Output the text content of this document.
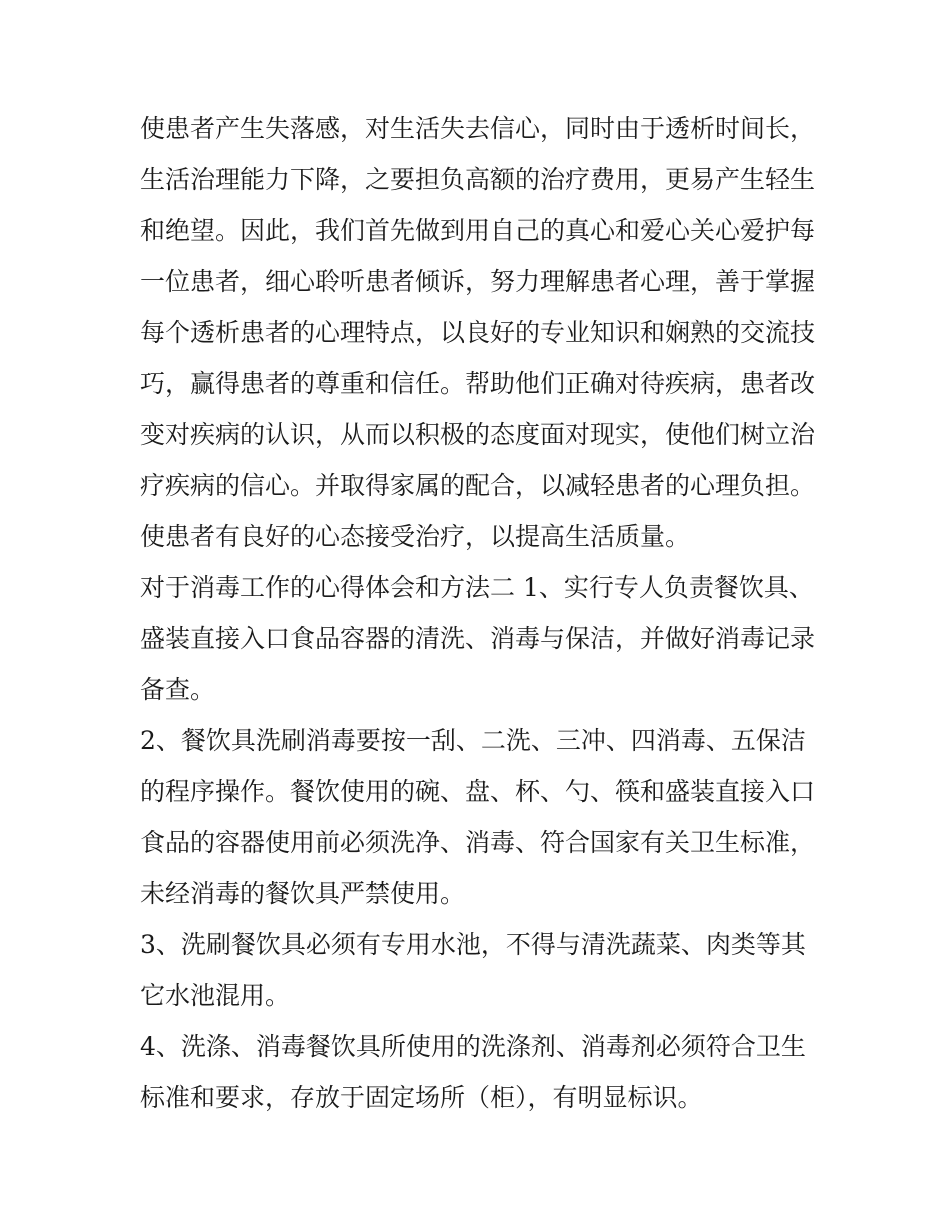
使患者产生失落感，对生活失去信心，同时由于透析时间长，

生活治理能力下降，之要担负高额的治疗费用，更易产生轻生

和绝望。因此，我们首先做到用自己的真心和爱心关心爱护每

一位患者，细心聆听患者倾诉，努力理解患者心理，善于掌握

每个透析患者的心理特点，以良好的专业知识和娴熟的交流技

巧，赢得患者的尊重和信任。帮助他们正确对待疾病，患者改

变对疾病的认识，从而以积极的态度面对现实，使他们树立治

疗疾病的信心。并取得家属的配合，以减轻患者的心理负担。

使患者有良好的心态接受治疗，以提高生活质量。

对于消毒工作的心得体会和方法二 1、实行专人负责餐饮具、

盛装直接入口食品容器的清洗、消毒与保洁，并做好消毒记录

备查。

2、餐饮具洗刷消毒要按一刮、二洗、三冲、四消毒、五保洁

的程序操作。餐饮使用的碗、盘、杯、勺、筷和盛装直接入口

食品的容器使用前必须洗净、消毒、符合国家有关卫生标准，

未经消毒的餐饮具严禁使用。

3、洗刷餐饮具必须有专用水池，不得与清洗蔬菜、肉类等其

它水池混用。

4、洗涤、消毒餐饮具所使用的洗涤剂、消毒剂必须符合卫生

标准和要求，存放于固定场所（柜），有明显标识。
